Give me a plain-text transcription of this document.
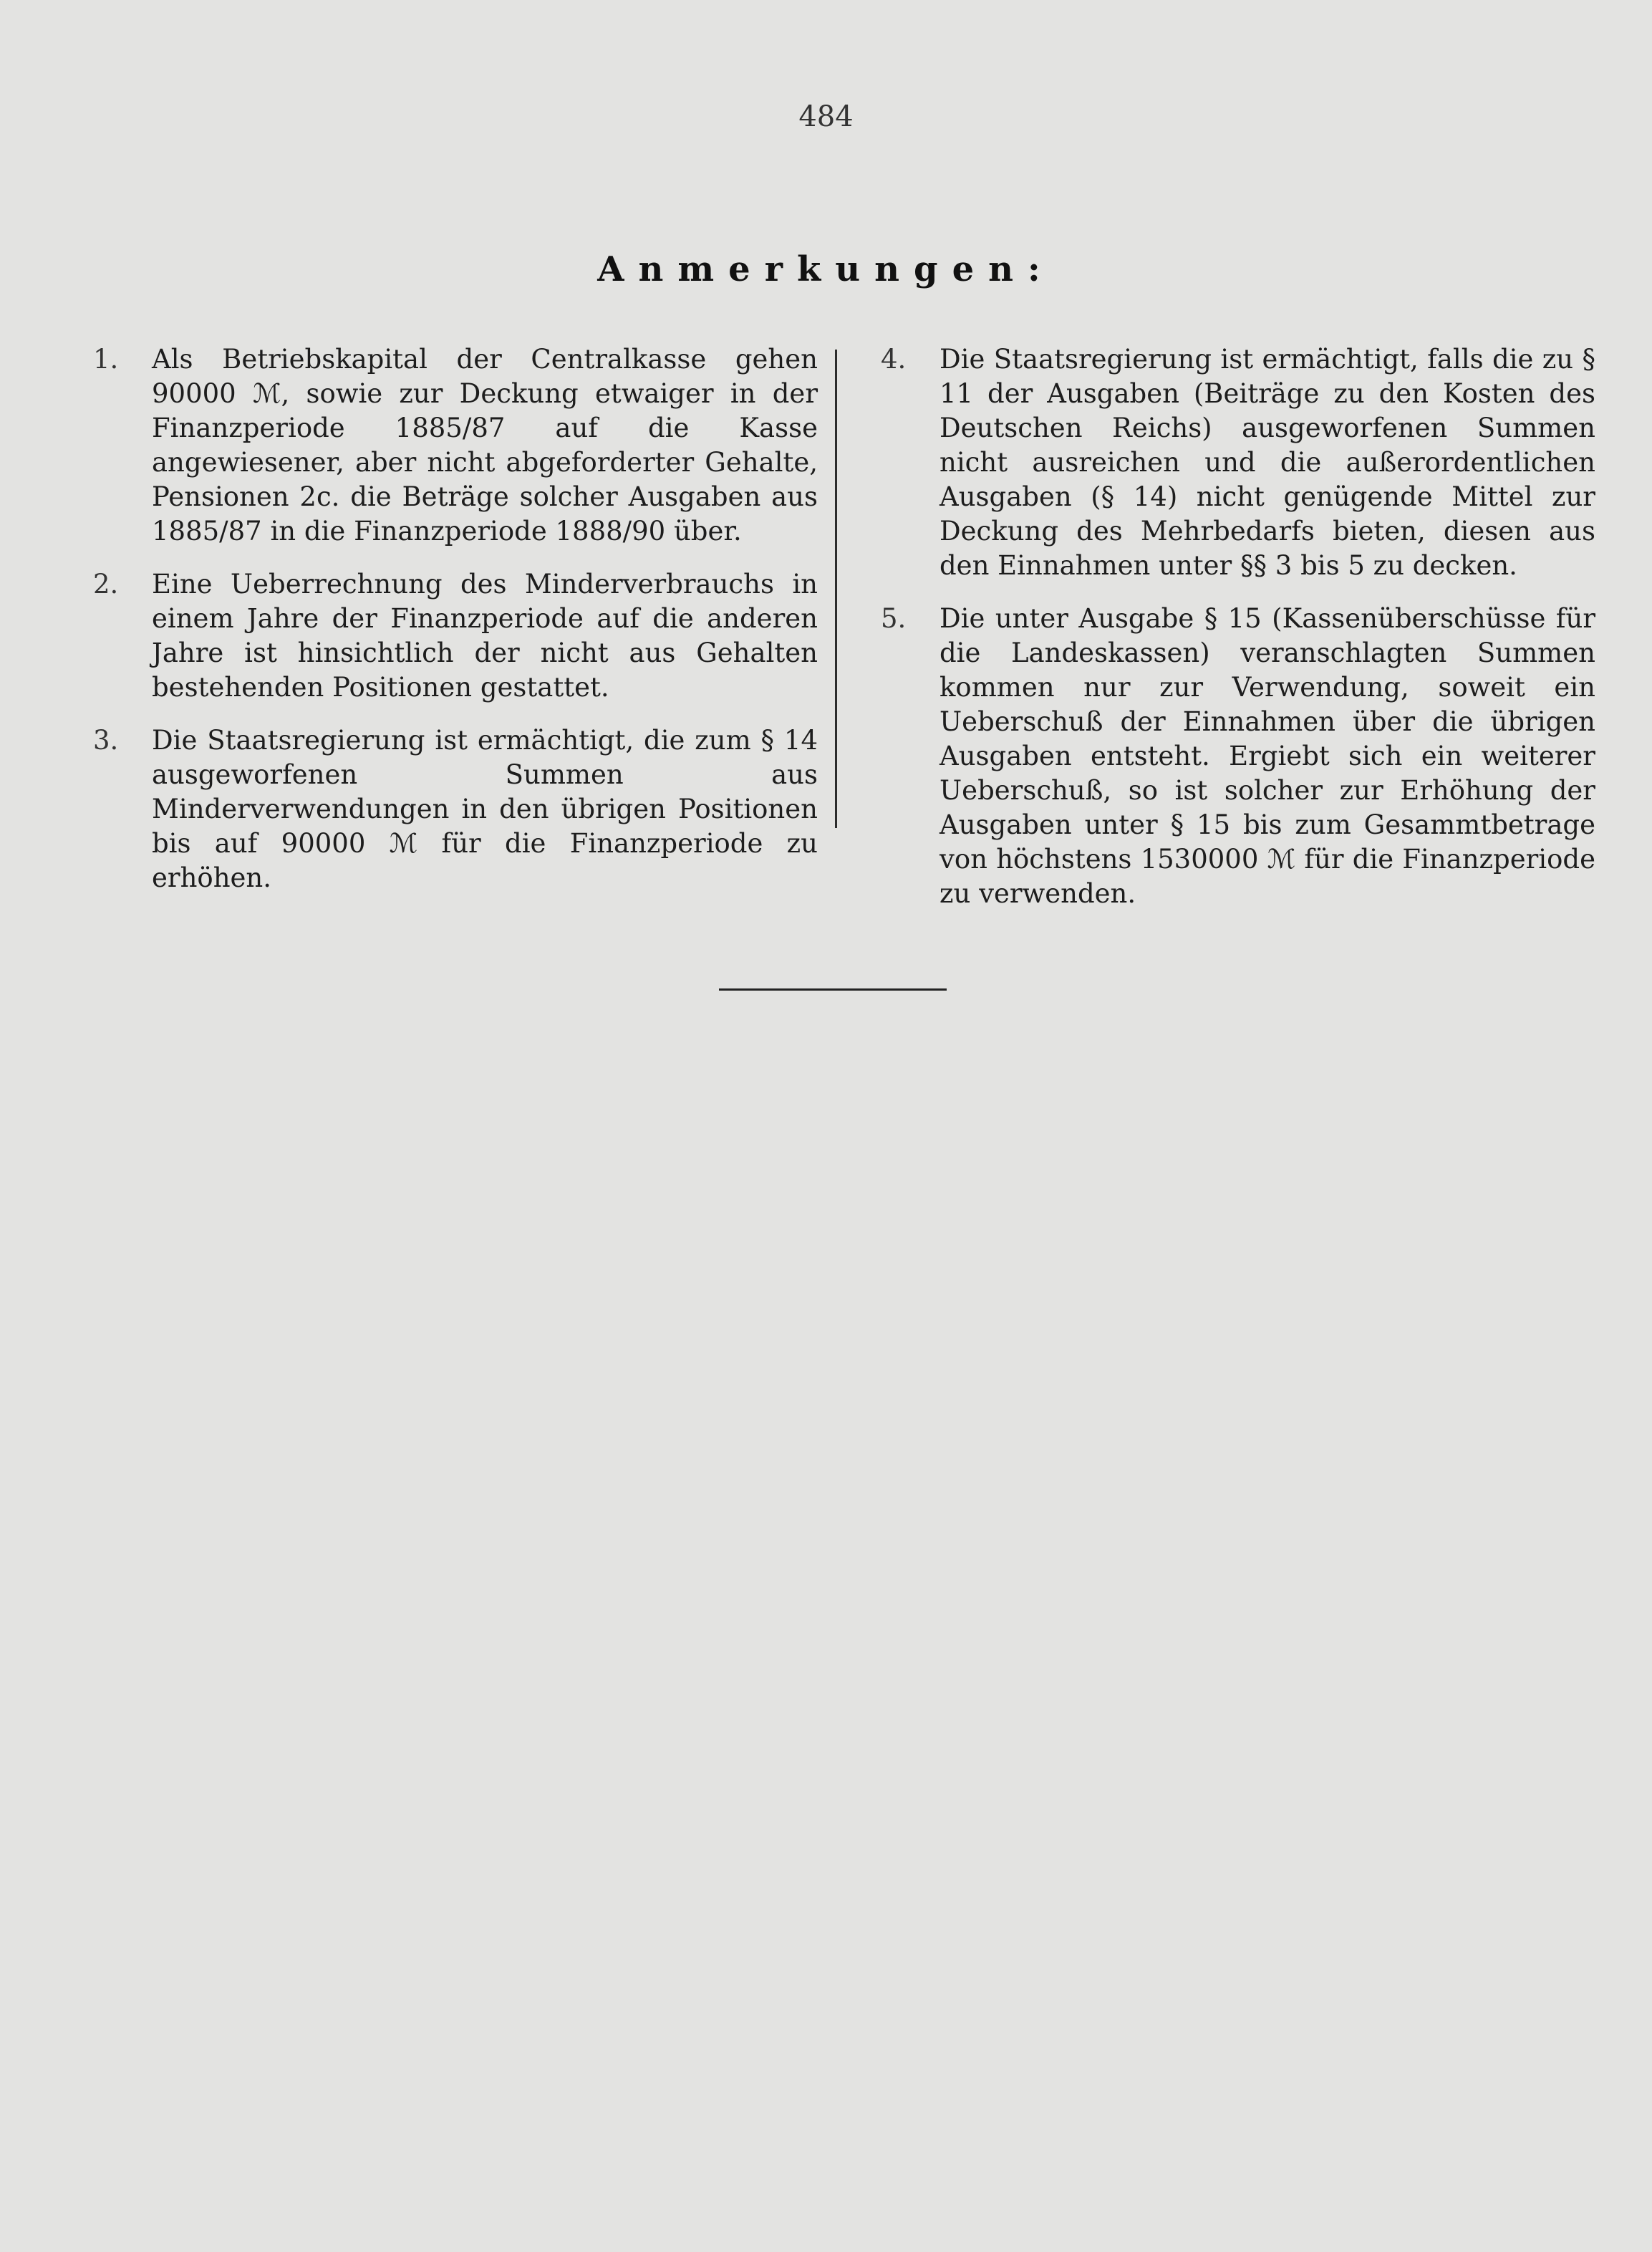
484
Anmerkungen:
1.	Als Betriebskapital der Centralkasse gehen 90000 ℳ, sowie zur Deckung etwaiger in der Finanzperiode 1885/87 auf die Kasse angewiesener, aber nicht abgeforderter Gehalte, Pensionen 2c. die Beträge solcher Ausgaben aus 1885/87 in die Finanzperiode 1888/90 über.
2.	Eine Ueberrechnung des Minderverbrauchs in einem Jahre der Finanzperiode auf die anderen Jahre ist hinsichtlich der nicht aus Gehalten bestehenden Positionen gestattet.
3.	Die Staatsregierung ist ermächtigt, die zum § 14 ausgeworfenen Summen aus Minderverwendungen in den übrigen Positionen bis auf 90000 ℳ für die Finanzperiode zu erhöhen.
4.	Die Staatsregierung ist ermächtigt, falls die zu § 11 der Ausgaben (Beiträge zu den Kosten des Deutschen Reichs) ausgeworfenen Summen nicht ausreichen und die außerordentlichen Ausgaben (§ 14) nicht genügende Mittel zur Deckung des Mehrbedarfs bieten, diesen aus den Einnahmen unter §§ 3 bis 5 zu decken.
5.	Die unter Ausgabe § 15 (Kassenüberschüsse für die Landeskassen) veranschlagten Summen kommen nur zur Verwendung, soweit ein Ueberschuß der Einnahmen über die übrigen Ausgaben entsteht. Ergiebt sich ein weiterer Ueberschuß, so ist solcher zur Erhöhung der Ausgaben unter § 15 bis zum Gesammtbetrage von höchstens 1530000 ℳ für die Finanzperiode zu verwenden.
